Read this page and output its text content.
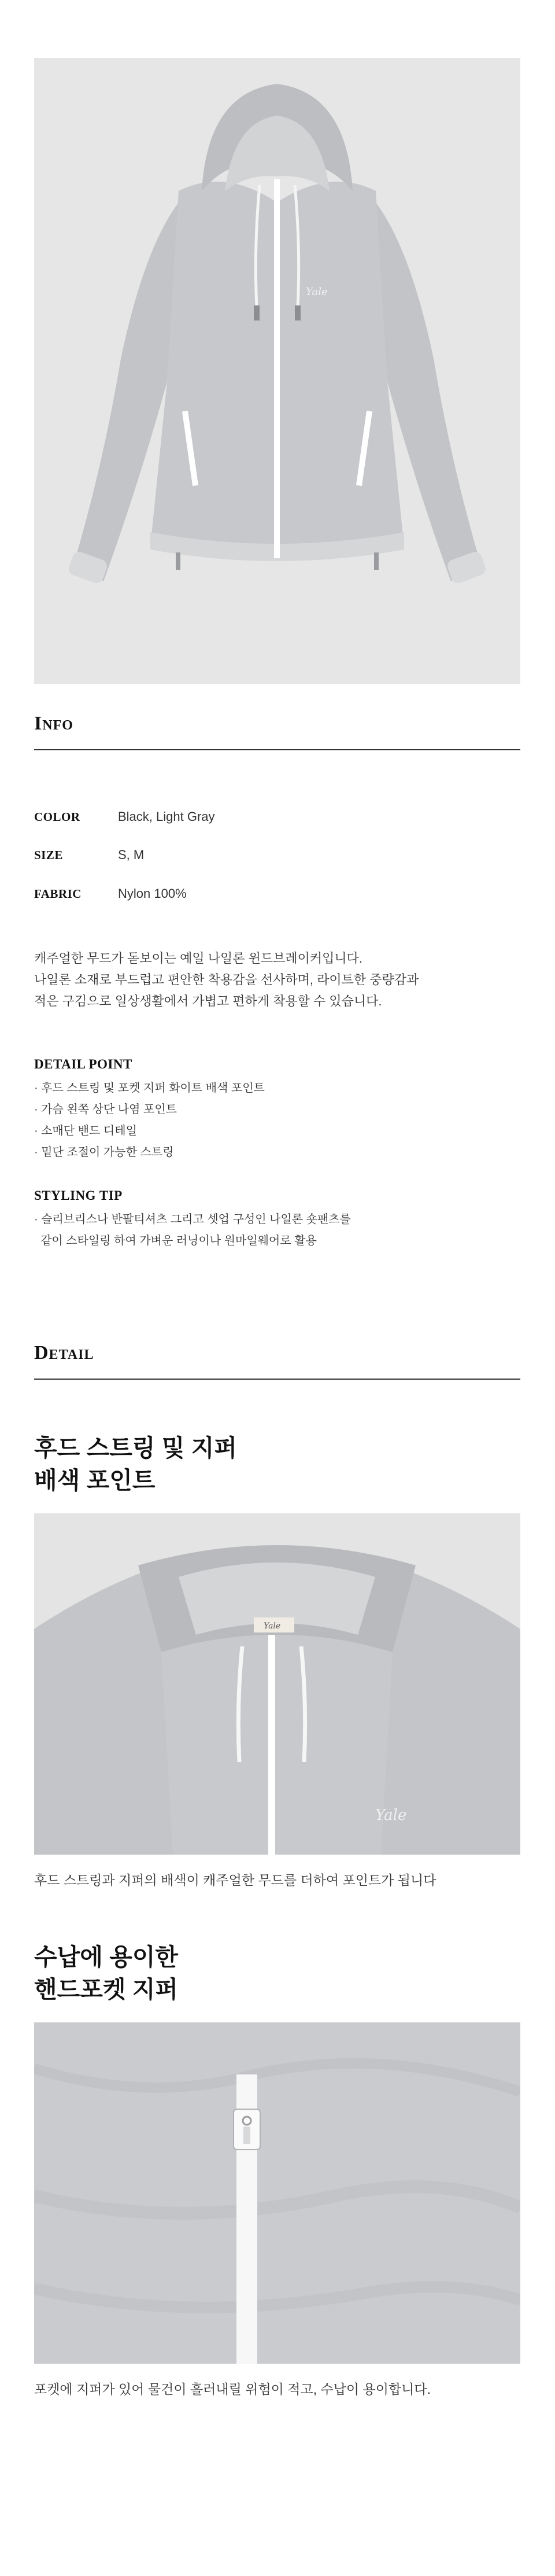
Yale
Info
COLOR	Black, Light Gray
SIZE	S, M
FABRIC	Nylon 100%

캐주얼한 무드가 돋보이는 예일 나일론 윈드브레이커입니다.

나일론 소재로 부드럽고 편안한 착용감을 선사하며, 라이트한 중량감과

적은 구김으로 일상생활에서 가볍고 편하게 착용할 수 있습니다.

DETAIL POINT
· 후드 스트링 및 포켓 지퍼 화이트 배색 포인트
· 가슴 왼쪽 상단 나염 포인트
· 소매단 밴드 디테일
· 밑단 조절이 가능한 스트링
STYLING TIP
· 슬리브리스나 반팔티셔츠 그리고 셋업 구성인 나일론 숏팬츠를
같이 스타일링 하여 가벼운 러닝이나 원마일웨어로 활용
Detail
후드 스트링 및 지퍼
배색 포인트
Yale
Yale
후드 스트링과 지퍼의 배색이 캐주얼한 무드를 더하여 포인트가 됩니다
수납에 용이한
핸드포켓 지퍼
포켓에 지퍼가 있어 물건이 흘러내릴 위험이 적고, 수납이 용이합니다.
